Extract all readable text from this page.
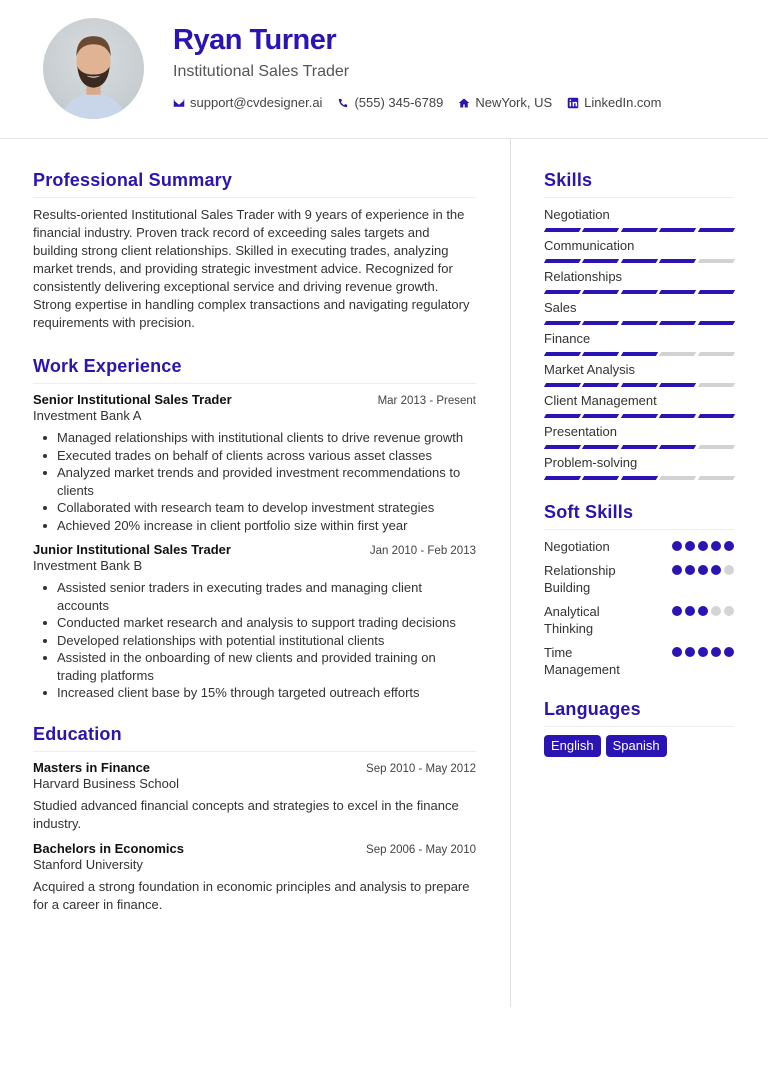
Ryan Turner
Institutional Sales Trader
support@cvdesigner.ai (555) 345-6789 NewYork, US LinkedIn.com
Professional Summary
Results-oriented Institutional Sales Trader with 9 years of experience in the financial industry. Proven track record of exceeding sales targets and building strong client relationships. Skilled in executing trades, analyzing market trends, and providing strategic investment advice. Recognized for consistently delivering exceptional service and driving revenue growth. Strong expertise in handling complex transactions and navigating regulatory requirements with precision.
Work Experience
Senior Institutional Sales Trader	Mar 2013 - Present
Investment Bank A
Managed relationships with institutional clients to drive revenue growth
Executed trades on behalf of clients across various asset classes
Analyzed market trends and provided investment recommendations to clients
Collaborated with research team to develop investment strategies
Achieved 20% increase in client portfolio size within first year
Junior Institutional Sales Trader	Jan 2010 - Feb 2013
Investment Bank B
Assisted senior traders in executing trades and managing client accounts
Conducted market research and analysis to support trading decisions
Developed relationships with potential institutional clients
Assisted in the onboarding of new clients and provided training on trading platforms
Increased client base by 15% through targeted outreach efforts
Education
Masters in Finance	Sep 2010 - May 2012
Harvard Business School
Studied advanced financial concepts and strategies to excel in the finance industry.
Bachelors in Economics	Sep 2006 - May 2010
Stanford University
Acquired a strong foundation in economic principles and analysis to prepare for a career in finance.
Skills
Negotiation
Communication
Relationships
Sales
Finance
Market Analysis
Client Management
Presentation
Problem-solving
Soft Skills
Negotiation
Relationship Building
Analytical Thinking
Time Management
Languages
English	Spanish
